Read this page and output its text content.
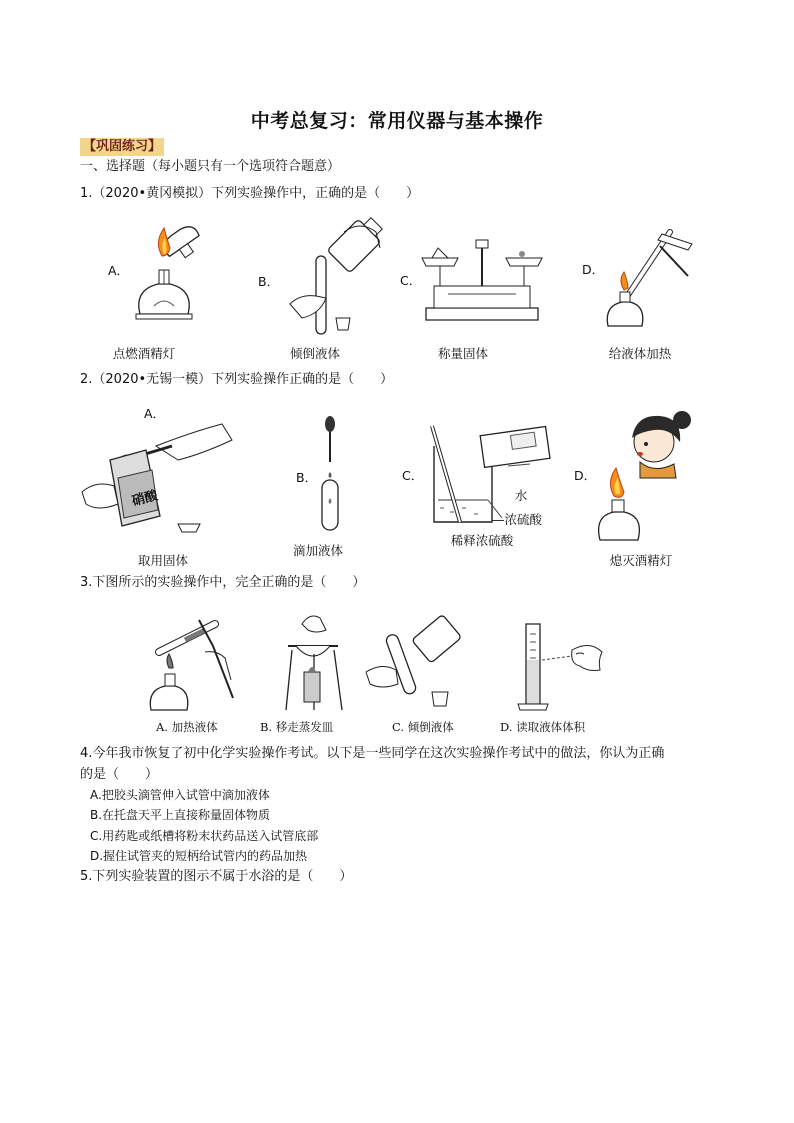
中考总复习：常用仪器与基本操作
【巩固练习】
一、选择题（每小题只有一个选项符合题意）
1.（2020•黄冈模拟）下列实验操作中，正确的是（　　）
A．
点燃酒精灯
B．
倾倒液体
C．
称量固体
D．
给液体加热
2.（2020•无锡一模）下列实验操作正确的是（　　）
A．
硝酸
取用固体
B．
滴加液体
C．
水
—浓硫酸
稀释浓硫酸
D．
熄灭酒精灯
3.下图所示的实验操作中，完全正确的是（　　）
A. 加热液体	B. 移走蒸发皿	C. 倾倒液体	D. 读取液体体积
4.今年我市恢复了初中化学实验操作考试。以下是一些同学在这次实验操作考试中的做法，你认为正确
的是（　　）
A.把胶头滴管伸入试管中滴加液体
B.在托盘天平上直接称量固体物质
C.用药匙或纸槽将粉末状药品送入试管底部
D.握住试管夹的短柄给试管内的药品加热
5.下列实验装置的图示不属于水浴的是（　　）
